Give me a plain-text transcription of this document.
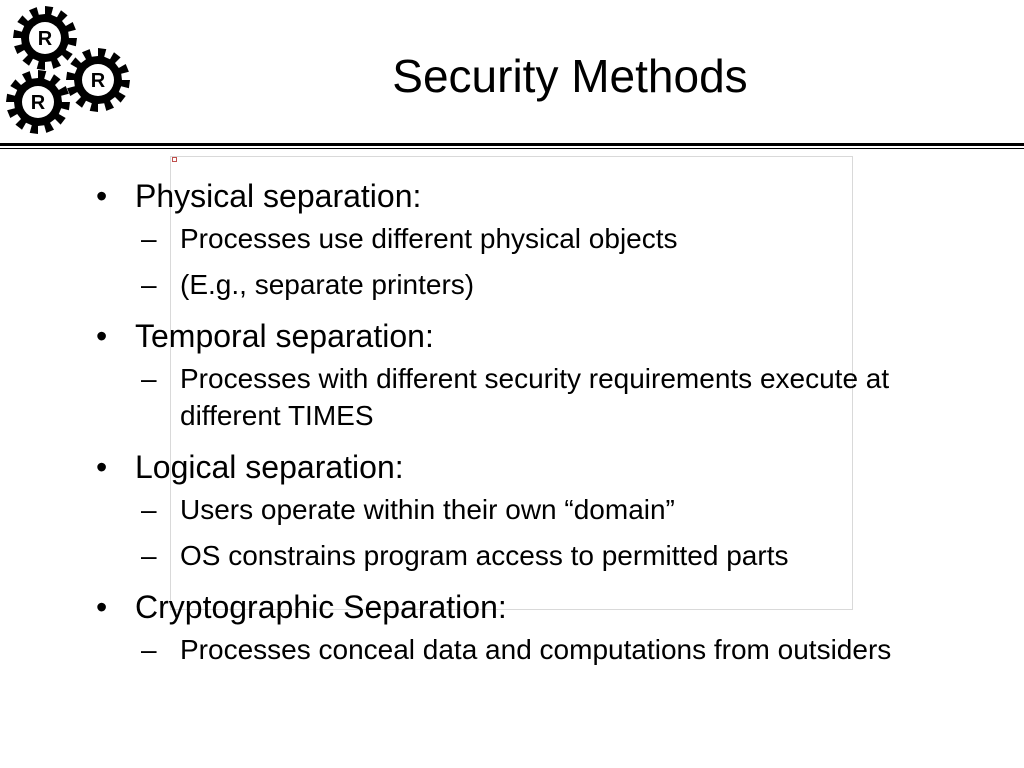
R
R
R
Security Methods
• Physical separation:
– Processes use different physical objects
– (E.g., separate printers)
• Temporal separation:
– Processes with different security requirements execute at different TIMES
• Logical separation:
– Users operate within their own “domain”
– OS constrains program access to permitted parts
• Cryptographic Separation:
– Processes conceal data and computations from outsiders
